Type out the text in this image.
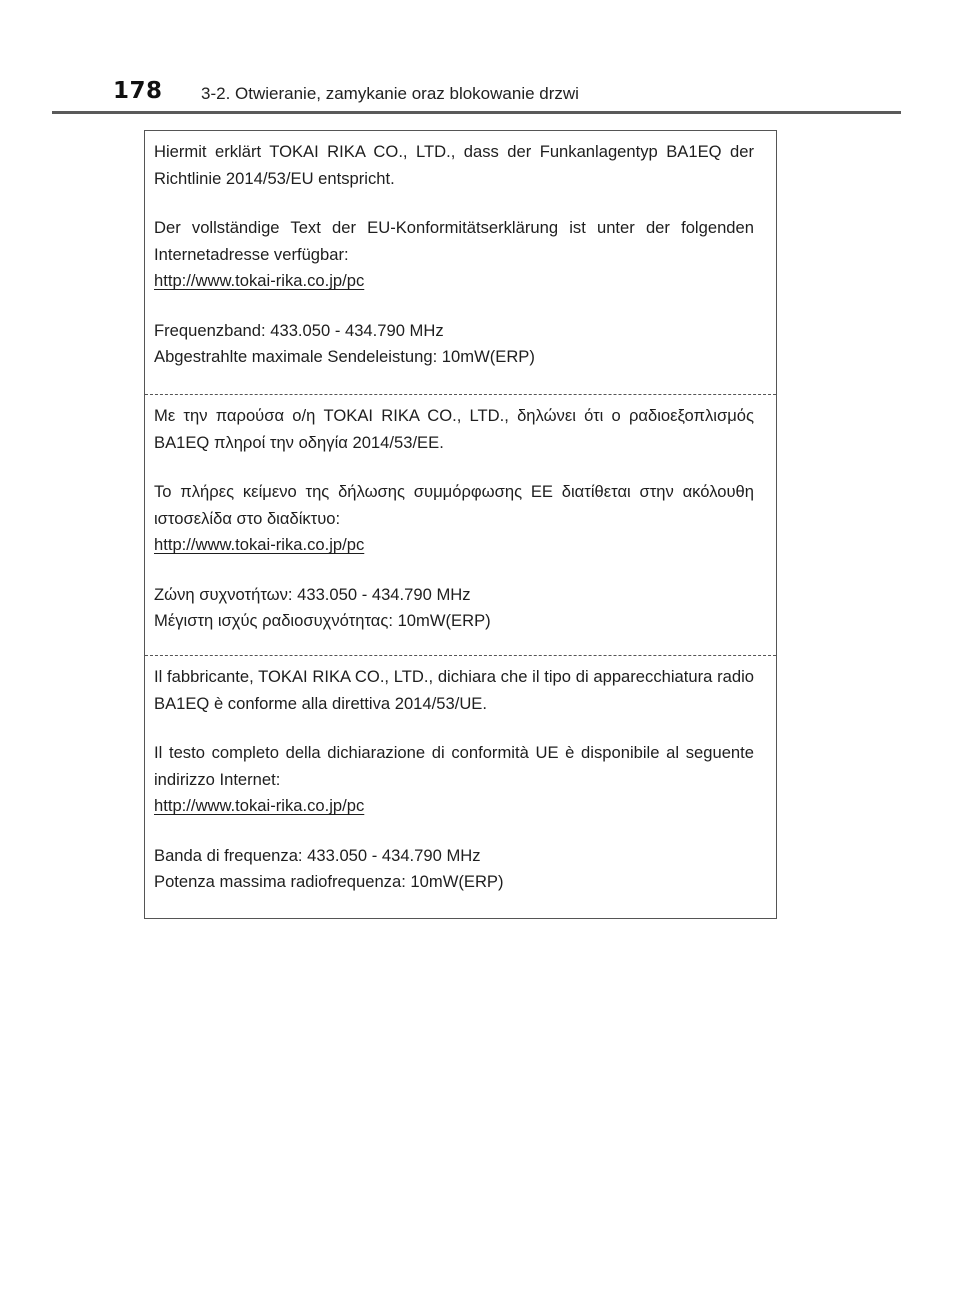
178 3-2. Otwieranie, zamykanie oraz blokowanie drzwi

Hiermit erklärt TOKAI RIKA CO., LTD., dass der Funkanlagentyp BA1EQ der Richtlinie 2014/53/EU entspricht.

Der vollständige Text der EU-Konformitätserklärung ist unter der folgenden Internetadresse verfügbar:

http://www.tokai-rika.co.jp/pc
Frequenzband: 433.050 - 434.790 MHz
Abgestrahlte maximale Sendeleistung: 10mW(ERP)

Με την παρούσα ο/η TOKAI RIKA CO., LTD., δηλώνει ότι ο ραδιοεξοπλισμός BA1EQ πληροί την οδηγία 2014/53/ΕΕ.

Το πλήρες κείμενο της δήλωσης συμμόρφωσης ΕΕ διατίθεται στην ακόλουθη ιστοσελίδα στο διαδίκτυο:

http://www.tokai-rika.co.jp/pc
Ζώνη συχνοτήτων: 433.050 - 434.790 MHz
Μέγιστη ισχύς ραδιοσυχνότητας: 10mW(ERP)

Il fabbricante, TOKAI RIKA CO., LTD., dichiara che il tipo di apparecchiatura radio BA1EQ è conforme alla direttiva 2014/53/UE.

Il testo completo della dichiarazione di conformità UE è disponibile al seguente indirizzo Internet:

http://www.tokai-rika.co.jp/pc
Banda di frequenza: 433.050 - 434.790 MHz
Potenza massima radiofrequenza: 10mW(ERP)
